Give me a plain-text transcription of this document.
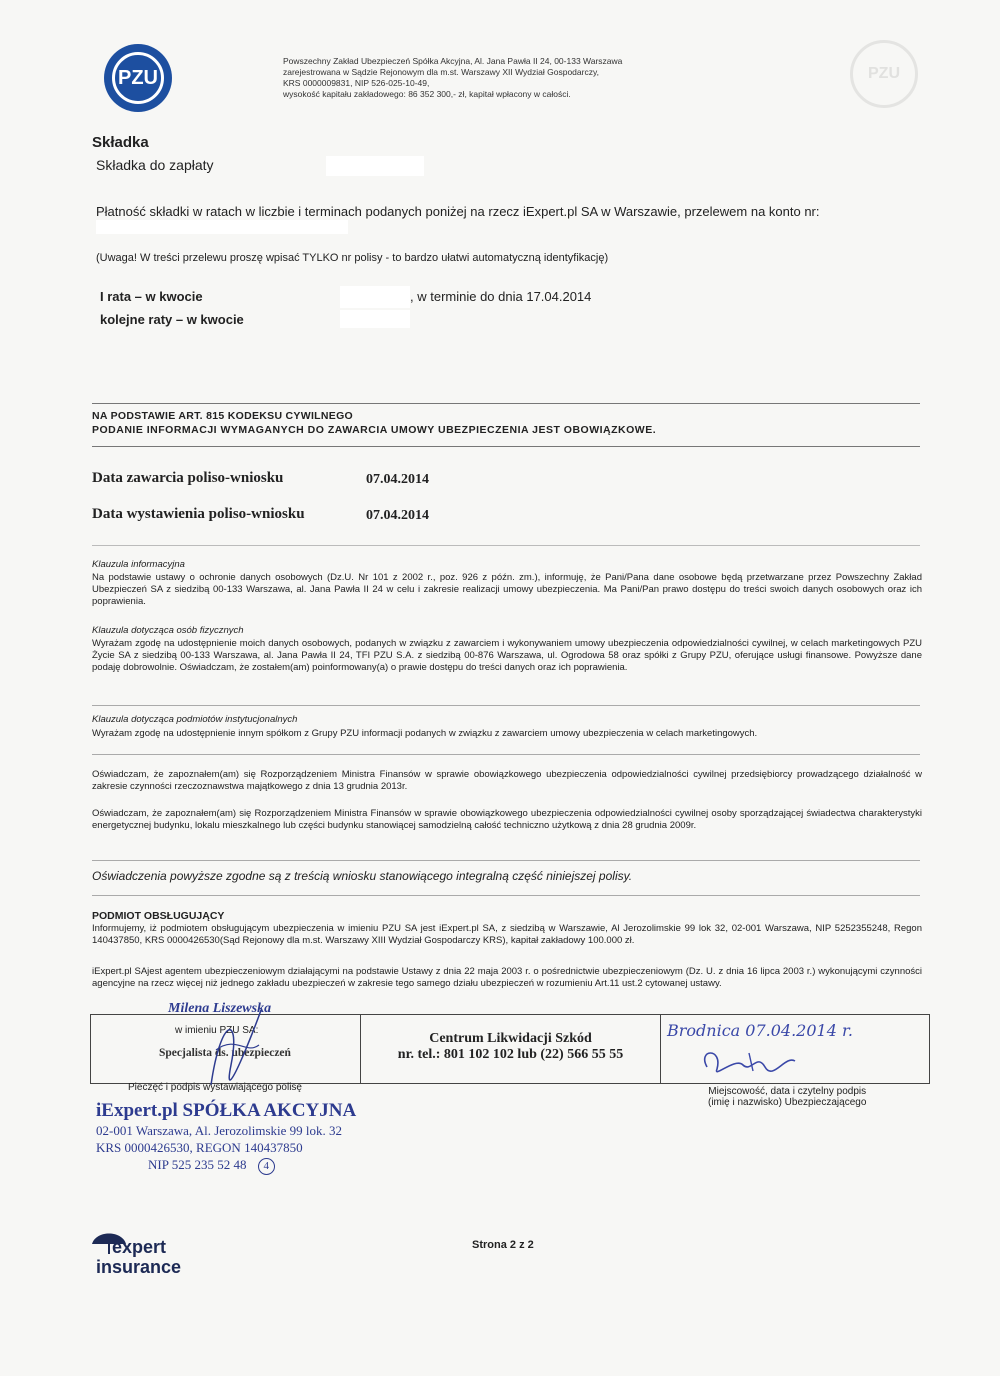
PZU	PZU
Powszechny Zakład Ubezpieczeń Spółka Akcyjna, Al. Jana Pawła II 24, 00-133 Warszawa
zarejestrowana w Sądzie Rejonowym dla m.st. Warszawy XII Wydział Gospodarczy,
KRS 0000009831, NIP 526-025-10-49,
wysokość kapitału zakładowego: 86 352 300,- zł, kapitał wpłacony w całości.
Składka
Składka do zapłaty
Płatność składki w ratach w liczbie i terminach podanych poniżej na rzecz iExpert.pl SA w Warszawie, przelewem na konto nr:
(Uwaga! W treści przelewu proszę wpisać TYLKO nr polisy - to bardzo ułatwi automatyczną identyfikację)
I rata – w kwocie	, w terminie do dnia 17.04.2014
kolejne raty – w kwocie
NA PODSTAWIE ART. 815 KODEKSU CYWILNEGO
PODANIE INFORMACJI WYMAGANYCH DO ZAWARCIA UMOWY UBEZPIECZENIA JEST OBOWIĄZKOWE.
Data zawarcia poliso-wniosku	07.04.2014
Data wystawienia poliso-wniosku	07.04.2014
Klauzula informacyjna
Na podstawie ustawy o ochronie danych osobowych (Dz.U. Nr 101 z 2002 r., poz. 926 z późn. zm.), informuję, że Pani/Pana dane osobowe będą przetwarzane przez Powszechny Zakład Ubezpieczeń SA z siedzibą 00-133 Warszawa, al. Jana Pawła II 24 w celu i zakresie realizacji umowy ubezpieczenia. Ma Pani/Pan prawo dostępu do treści swoich danych osobowych oraz ich poprawienia.
Klauzula dotycząca osób fizycznych
Wyrażam zgodę na udostępnienie moich danych osobowych, podanych w związku z zawarciem i wykonywaniem umowy ubezpieczenia odpowiedzialności cywilnej, w celach marketingowych PZU Życie SA z siedzibą 00-133 Warszawa, al. Jana Pawła II 24, TFI PZU S.A. z siedzibą 00-876 Warszawa, ul. Ogrodowa 58 oraz spółki z Grupy PZU, oferujące usługi finansowe. Powyższe dane podaję dobrowolnie. Oświadczam, że zostałem(am) poinformowany(a) o prawie dostępu do treści danych oraz ich poprawienia.
Klauzula dotycząca podmiotów instytucjonalnych
Wyrażam zgodę na udostępnienie innym spółkom z Grupy PZU informacji podanych w związku z zawarciem umowy ubezpieczenia w celach marketingowych.
Oświadczam, że zapoznałem(am) się Rozporządzeniem Ministra Finansów w sprawie obowiązkowego ubezpieczenia odpowiedzialności cywilnej przedsiębiorcy prowadzącego działalność w zakresie czynności rzeczoznawstwa majątkowego z dnia 13 grudnia 2013r.
Oświadczam, że zapoznałem(am) się Rozporządzeniem Ministra Finansów w sprawie obowiązkowego ubezpieczenia odpowiedzialności cywilnej osoby sporządzającej świadectwa charakterystyki energetycznej budynku, lokalu mieszkalnego lub części budynku stanowiącej samodzielną całość techniczno użytkową z dnia 28 grudnia 2009r.
Oświadczenia powyższe zgodne są z treścią wniosku stanowiącego integralną część niniejszej polisy.
PODMIOT OBSŁUGUJĄCY
Informujemy, iż podmiotem obsługującym ubezpieczenia w imieniu PZU SA jest iExpert.pl SA, z siedzibą w Warszawie, Al Jerozolimskie 99 lok 32, 02-001 Warszawa, NIP 5252355248, Regon 140437850, KRS 0000426530(Sąd Rejonowy dla m.st. Warszawy XIII Wydział Gospodarczy KRS), kapitał zakładowy 100.000 zł.
iExpert.pl SAjest agentem ubezpieczeniowym działającymi na podstawie Ustawy z dnia 22 maja 2003 r. o pośrednictwie ubezpieczeniowym (Dz. U. z dnia 16 lipca 2003 r.) wykonującymi czynności agencyjne na rzecz więcej niż jednego zakładu ubezpieczeń w zakresie tego samego działu ubezpieczeń w rozumieniu Art.11 ust.2 cytowanej ustawy.
Milena Liszewska
w imieniu PZU SA:
Specjalista ds. ubezpieczeń
Centrum Likwidacji Szkód
nr. tel.: 801 102 102 lub (22) 566 55 55
Brodnica 07.04.2014 r.
Pieczęć i podpis wystawiającego polisę	Miejscowość, data i czytelny podpis
(imię i nazwisko) Ubezpieczającego
iExpert.pl SPÓŁKA AKCYJNA
02-001 Warszawa, Al. Jerozolimskie 99 lok. 32
KRS 0000426530, REGON 140437850
NIP 525 235 52 48 4
expert
insurance
Strona 2 z 2
